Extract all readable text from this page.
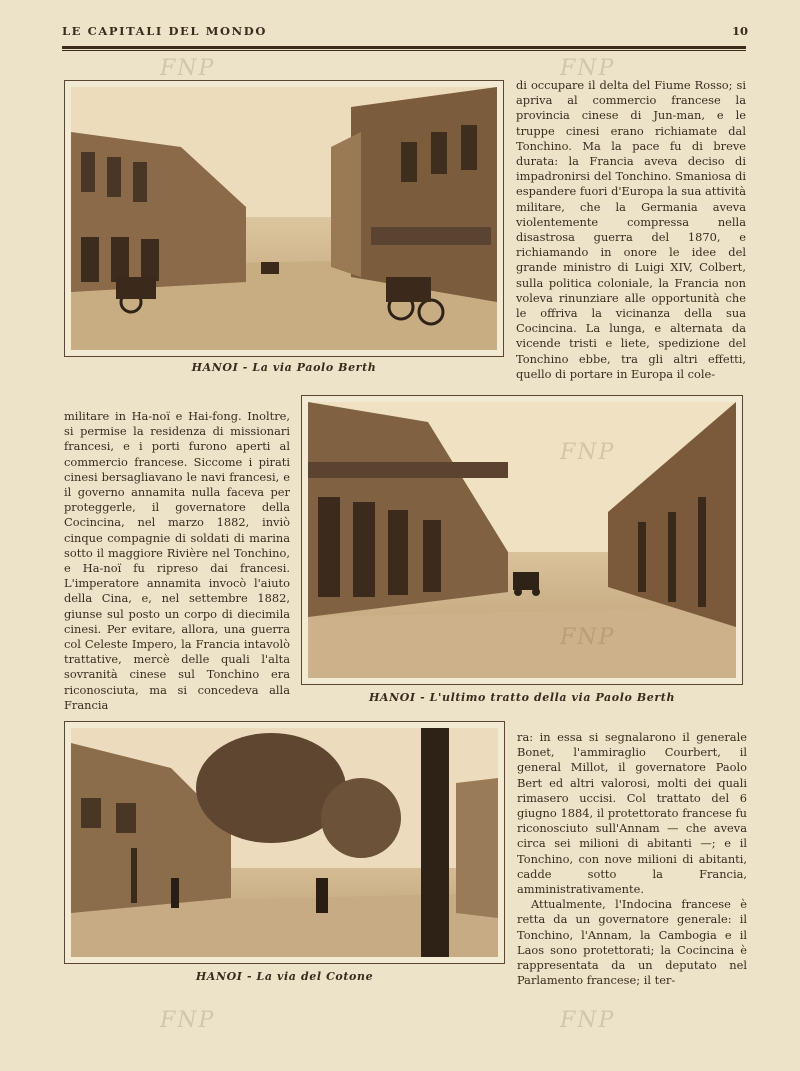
LE CAPITALI DEL MONDO	10
HANOI - La via Paolo Berth

di occupare il delta del Fiume Rosso; si apriva al commercio francese la provincia cinese di Jun-man, e le truppe cinesi erano richiamate dal Tonchino. Ma la pace fu di breve durata: la Francia aveva deciso di impadronirsi del Tonchino. Smaniosa di espandere fuori d'Europa la sua attività militare, che la Germania aveva violentemente compressa nella disastrosa guerra del 1870, e richiamando in onore le idee del grande ministro di Luigi XIV, Colbert, sulla politica coloniale, la Francia non voleva rinunziare alle opportunità che le offriva la vicinanza della sua Cocincina. La lunga, e alternata da vicende tristi e liete, spedizione del Tonchino ebbe, tra gli altri effetti, quello di portare in Europa il cole-

militare in Ha-noï e Hai-fong. Inoltre, si permise la residenza di missionari francesi, e i porti furono aperti al commercio francese. Siccome i pirati cinesi bersagliavano le navi francesi, e il governo annamita nulla faceva per proteggerle, il governatore della Cocincina, nel marzo 1882, inviò cinque compagnie di soldati di marina sotto il maggiore Rivière nel Tonchino, e Ha-noï fu ripreso dai francesi. L'imperatore annamita invocò l'aiuto della Cina, e, nel settembre 1882, giunse sul posto un corpo di diecimila cinesi. Per evitare, allora, una guerra col Celeste Impero, la Francia intavolò trattative, mercè delle quali l'alta sovranità cinese sul Tonchino era riconosciuta, ma si concedeva alla Francia

HANOI - L'ultimo tratto della via Paolo Berth
HANOI - La via del Cotone

ra: in essa si segnalarono il generale Bonet, l'ammiraglio Courbert, il general Millot, il governatore Paolo Bert ed altri valorosi, molti dei quali rimasero uccisi. Col trattato del 6 giugno 1884, il protettorato francese fu riconosciuto sull'Annam — che aveva circa sei milioni di abitanti —; e il Tonchino, con nove milioni di abitanti, cadde sotto la Francia, amministrativamente.

Attualmente, l'Indocina francese è retta da un governatore generale: il Tonchino, l'Annam, la Cambogia e il Laos sono protettorati; la Cocincina è rappresentata da un deputato nel Parlamento francese; il ter-

FNP	FNP
FNP
FNP
FNP	FNP
